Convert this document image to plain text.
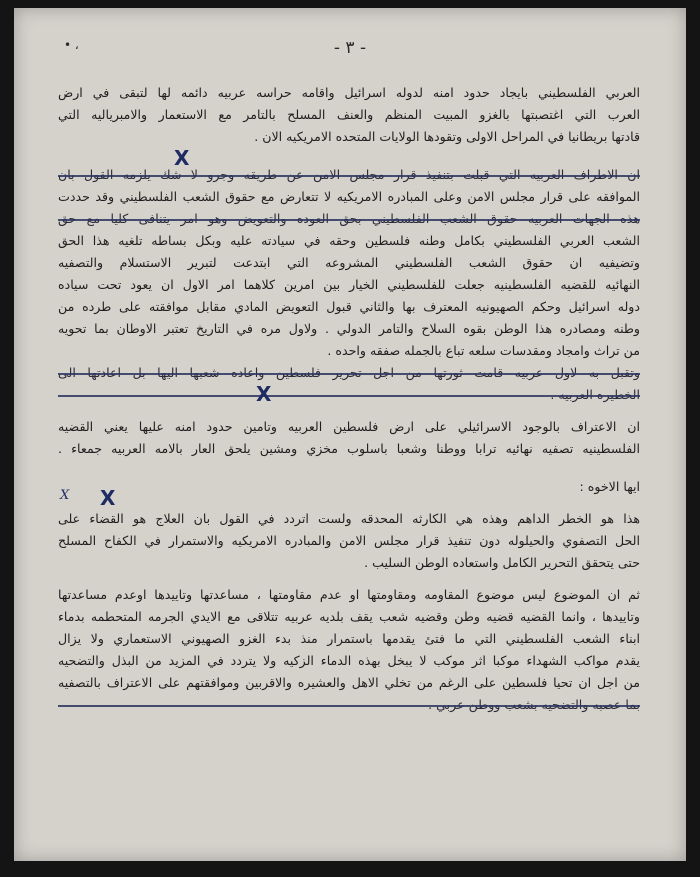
- ٣ -
• ،
العربي الفلسطيني بايجاد حدود امنه لدوله اسرائيل واقامه حراسه عربيه دائمه لها لتبقى في ارض
العرب التي اغتصبتها بالغزو المبيت المنظم والعنف المسلح بالتامر مع الاستعمار والامبرياليه التي
قادتها بريطانيا في المراحل الاولى وتقودها الولايات المتحده الامريكيه الان .
الموافقه على قرار مجلس الامن وعلى المبادره الامريكيه لا تتعارض مع حقوق الشعب الفلسطيني وقد حددت
الشعب العربي الفلسطيني بكامل وطنه فلسطين وحقه في سيادته عليه وبكل بساطه تلغيه هذا الحق
وتضيفيه ان حقوق الشعب الفلسطيني المشروعه التي ابتدعت لتبرير الاستسلام والتصفيه
النهائيه للقضيه الفلسطينيه جعلت للفلسطيني الخيار بين امرين كلاهما امر الاول ان يعود تحت سياده
دوله اسرائيل وحكم الصهيونيه المعترف بها والثاني قبول التعويض المادي مقابل موافقته على طرده من
وطنه ومصادره هذا الوطن بقوه السلاح والتامر الدولي . ولاول مره في التاريخ تعتبر الاوطان بما تحويه
من تراث وامجاد ومقدسات سلعه تباع بالجمله صفقه واحده .
ان الاعتراف بالوجود الاسرائيلي على ارض فلسطين العربيه وتامين حدود امنه عليها يعني القضيه
الفلسطينيه تصفيه نهائيه ترابا ووطنا وشعبا باسلوب مخزي ومشين يلحق العار بالامه العربيه جمعاء .
ايها الاخوه :
هذا هو الخطر الداهم وهذه هي الكارثه المحدقه ولست اتردد في القول بان العلاج هو القضاء على
الحل التصفوي والحيلوله دون تنفيذ قرار مجلس الامن والمبادره الامريكيه والاستمرار في الكفاح المسلح
حتى يتحقق التحرير الكامل واستعاده الوطن السليب .
ثم ان الموضوع ليس موضوع المقاومه ومقاومتها او عدم مقاومتها ، مساعدتها وتاييدها اوعدم مساعدتها
وتاييدها ، وانما القضيه قضيه وطن وقضيه شعب يقف بلديه عربيه تتلاقى مع الايدي الجرمه المتحطمه بدماء
ابناء الشعب الفلسطيني التي ما فتئ يقدمها باستمرار منذ بدء الغزو الصهيوني الاستعماري ولا يزال
يقدم مواكب الشهداء موكبا اثر موكب لا يبخل بهذه الدماء الزكيه ولا يتردد في المزيد من البذل والتضحيه
من اجل ان تحيا فلسطين على الرغم من تخلي الاهل والعشيره والاقربين وموافقتهم على الاعتراف بالتصفيه
X
X
X
X
